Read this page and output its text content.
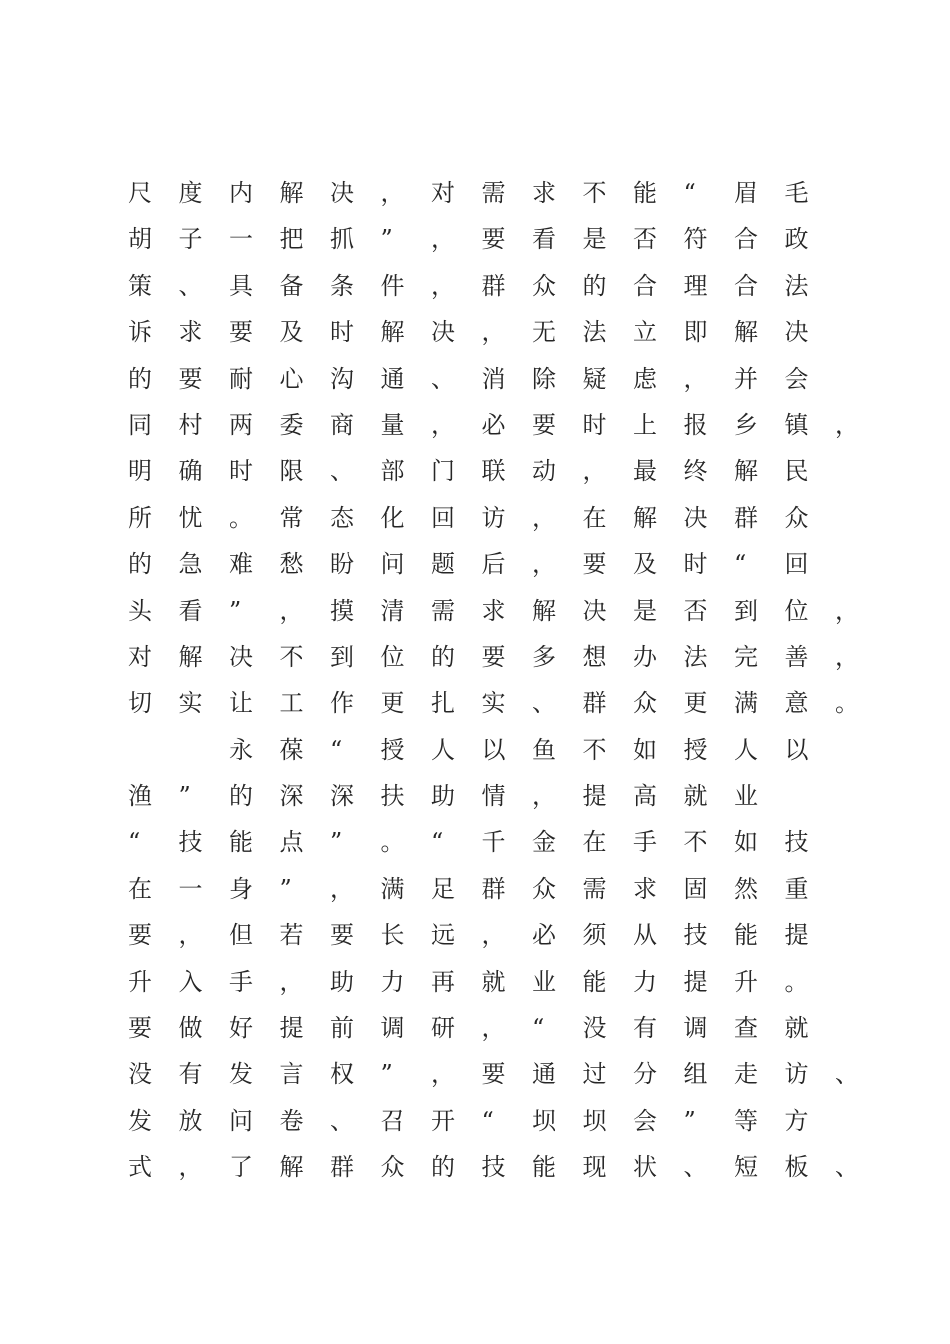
尺	度	内	解	决	，	对	需	求	不	能	“	眉	毛
胡	子	一	把	抓	”	，	要	看	是	否	符	合	政
策	、	具	备	条	件	，	群	众	的	合	理	合	法
诉	求	要	及	时	解	决	，	无	法	立	即	解	决
的	要	耐	心	沟	通	、	消	除	疑	虑	，	并	会
同	村	两	委	商	量	，	必	要	时	上	报	乡	镇	，
明	确	时	限	、	部	门	联	动	，	最	终	解	民
所	忧	。	常	态	化	回	访	，	在	解	决	群	众
的	急	难	愁	盼	问	题	后	，	要	及	时	“	回
头	看	”	，	摸	清	需	求	解	决	是	否	到	位	，
对	解	决	不	到	位	的	要	多	想	办	法	完	善	，
切	实	让	工	作	更	扎	实	、	群	众	更	满	意	。

永	葆	“	授	人	以	鱼	不	如	授	人	以
渔	”	的	深	深	扶	助	情	，	提	高	就	业
“	技	能	点	”	。	“	千	金	在	手	不	如	技
在	一	身	”	，	满	足	群	众	需	求	固	然	重
要	，	但	若	要	长	远	，	必	须	从	技	能	提
升	入	手	，	助	力	再	就	业	能	力	提	升	。
要	做	好	提	前	调	研	，	“	没	有	调	查	就
没	有	发	言	权	”	，	要	通	过	分	组	走	访	、
发	放	问	卷	、	召	开	“	坝	坝	会	”	等	方
式	，	了	解	群	众	的	技	能	现	状	、	短	板	、
